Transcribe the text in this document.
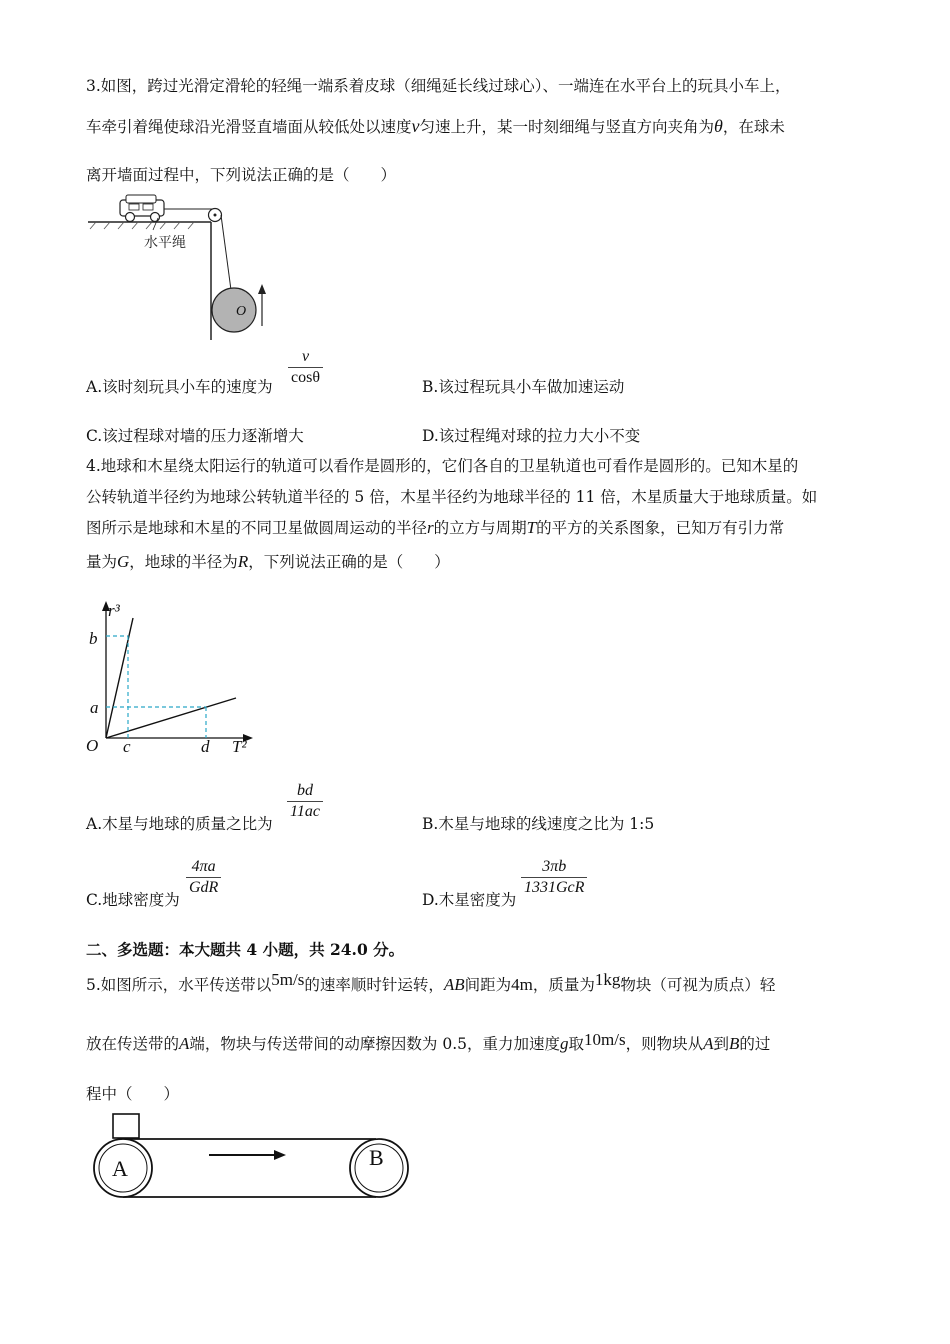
3.如图，跨过光滑定滑轮的轻绳一端系着皮球（细绳延长线过球心）、一端连在水平台上的玩具小车上，
车牵引着绳使球沿光滑竖直墙面从较低处以速度v匀速上升，某一时刻细绳与竖直方向夹角为θ，在球未
离开墙面过程中，下列说法正确的是（　　）
水平绳
O
A.该时刻玩具小车的速度为
v
cosθ
B.该过程玩具小车做加速运动
C.该过程球对墙的压力逐渐增大	D.该过程绳对球的拉力大小不变
4.地球和木星绕太阳运行的轨道可以看作是圆形的，它们各自的卫星轨道也可看作是圆形的。已知木星的
公转轨道半径约为地球公转轨道半径的 5 倍，木星半径约为地球半径的 11 倍，木星质量大于地球质量。如
图所示是地球和木星的不同卫星做圆周运动的半径r的立方与周期T的平方的关系图象，已知万有引力常
量为G，地球的半径为R，下列说法正确的是（　　）
r³
b
a
O c	d T²
A.木星与地球的质量之比为
bd
11ac
B.木星与地球的线速度之比为 1:5
C.地球密度为
4πa
GdR
D.木星密度为
3πb
1331GcR
二、多选题：本大题共 4 小题，共 24.0 分。
5.如图所示，水平传送带以5m/s的速率顺时针运转，AB间距为4m，质量为1kg物块（可视为质点）轻
放在传送带的A端，物块与传送带间的动摩擦因数为 0.5，重力加速度g取10m/s，则物块从A到B的过
程中（　　）
A	B
